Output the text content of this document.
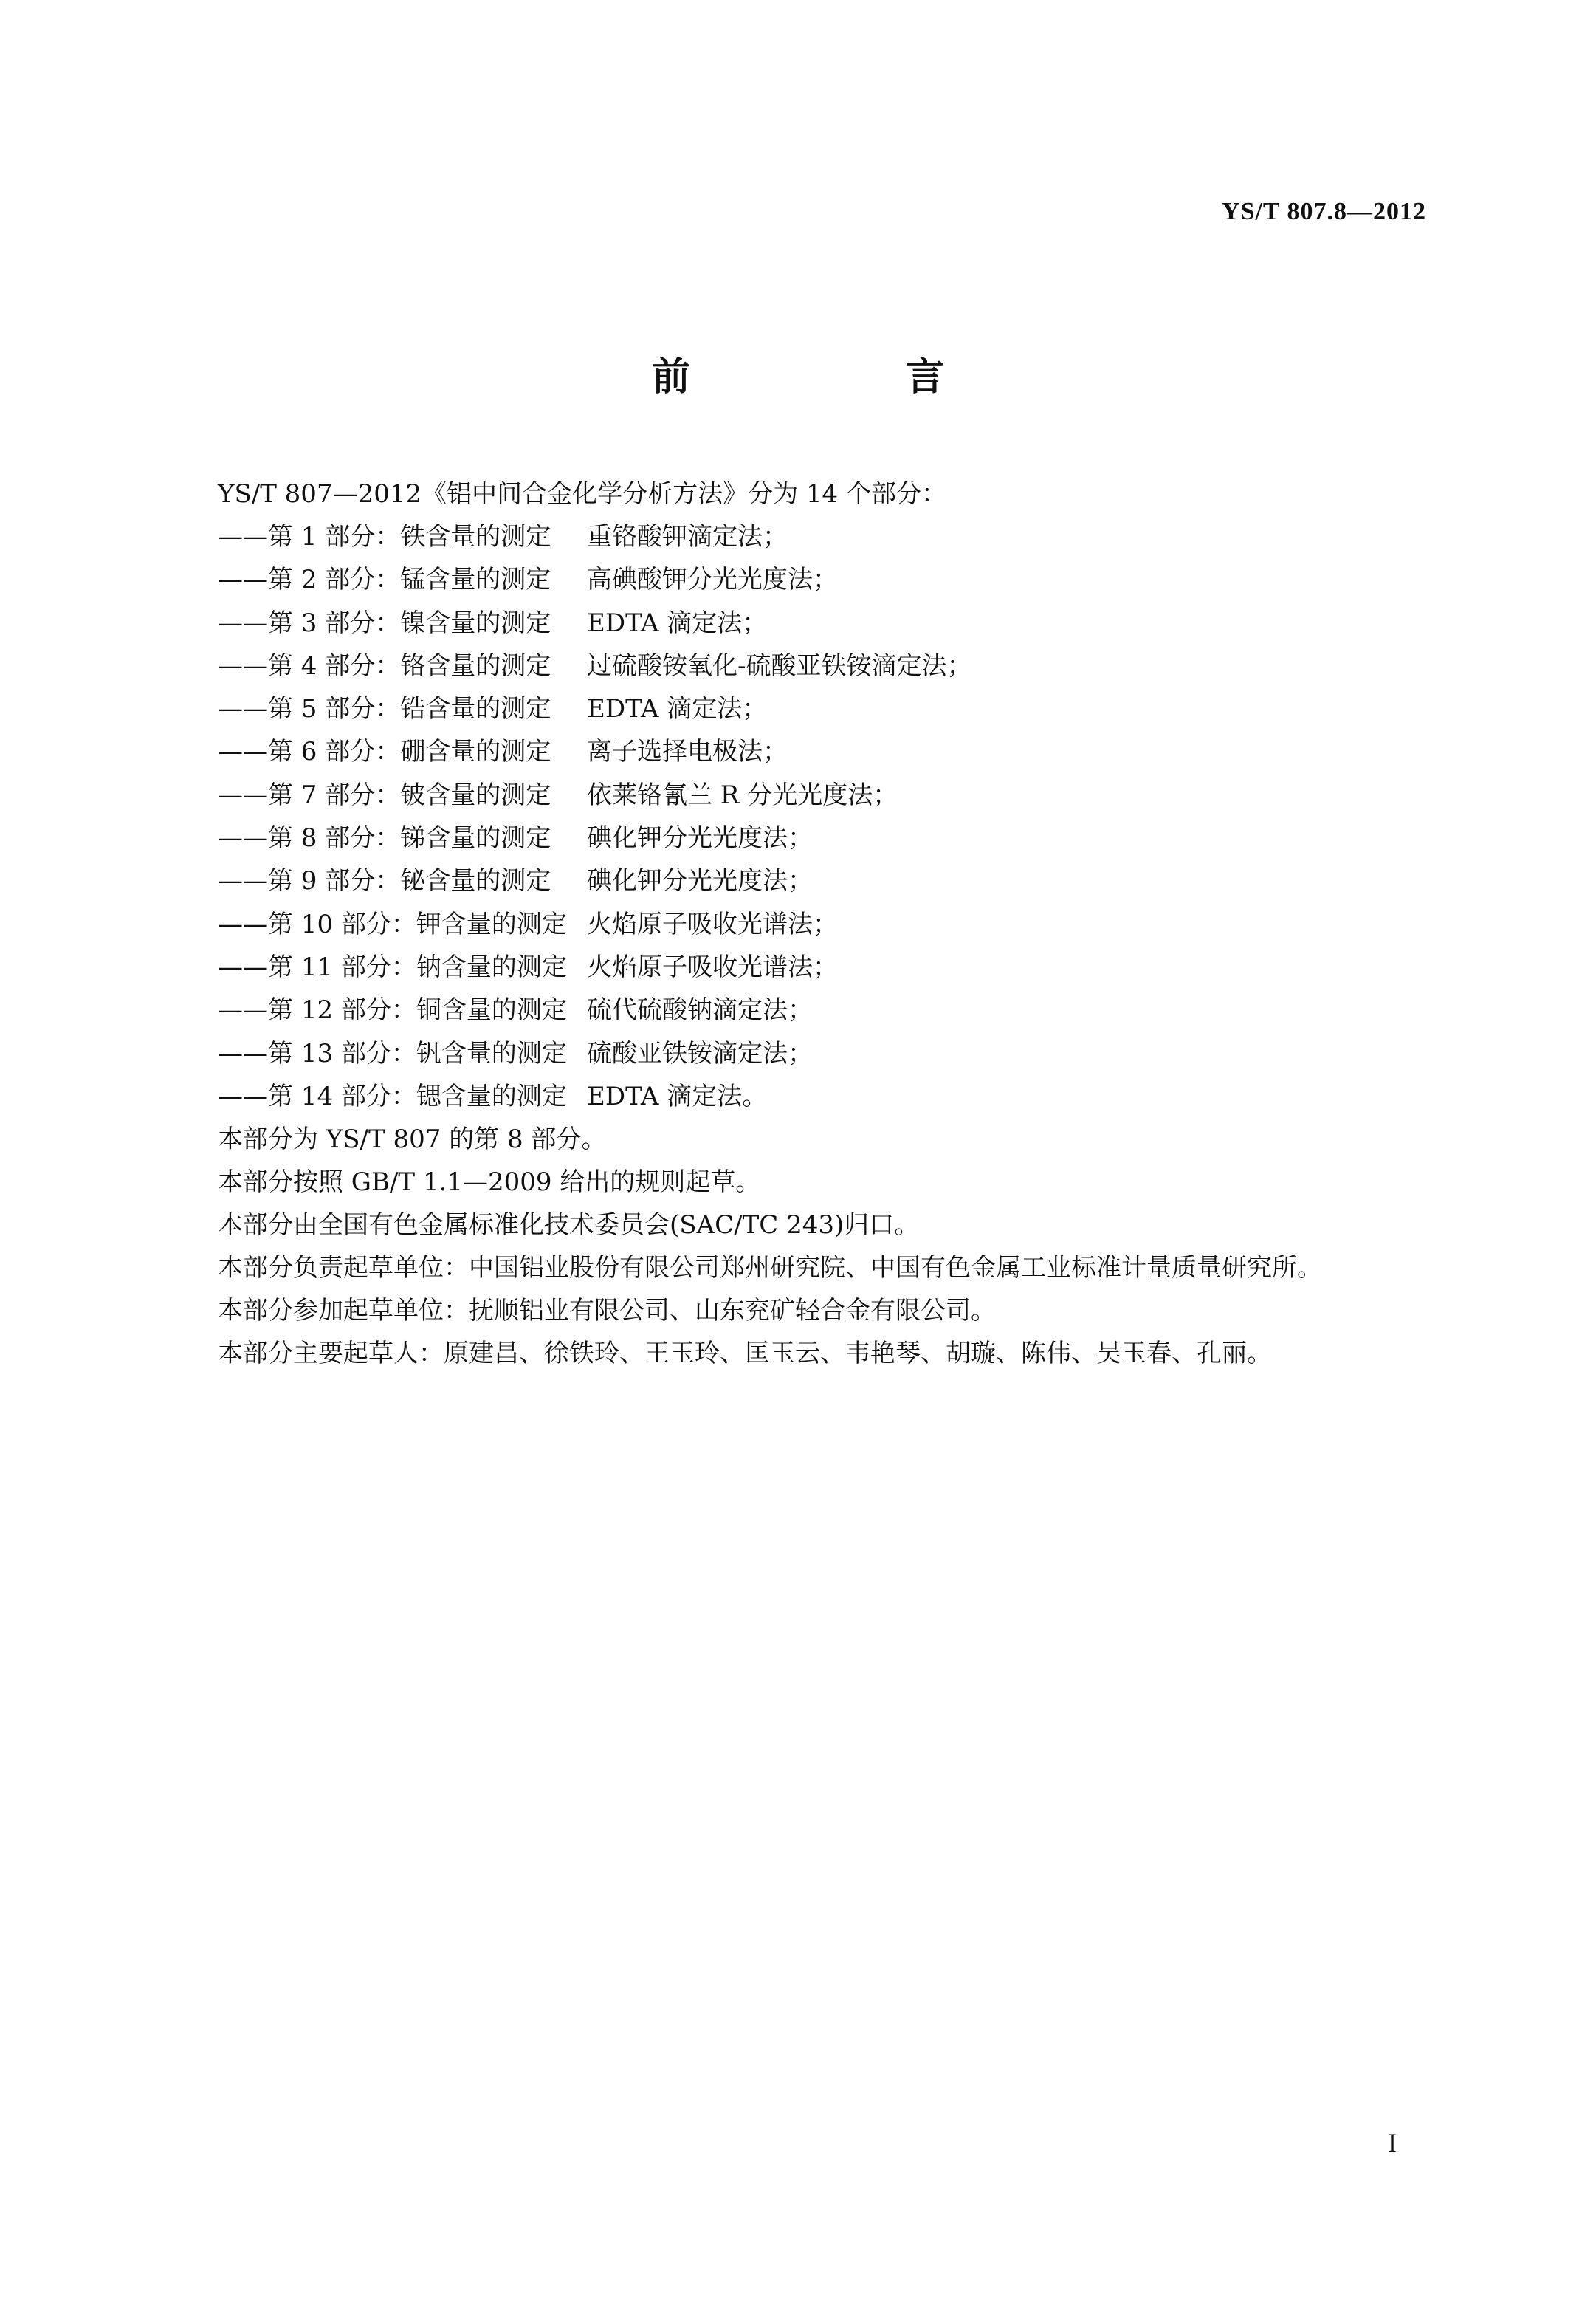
YS/T 807.8—2012
前　言

YS/T 807—2012《铝中间合金化学分析方法》分为 14 个部分：

——第 1 部分：铁含量的测定 重铬酸钾滴定法；

——第 2 部分：锰含量的测定 高碘酸钾分光光度法；

——第 3 部分：镍含量的测定 EDTA 滴定法；

——第 4 部分：铬含量的测定 过硫酸铵氧化-硫酸亚铁铵滴定法；

——第 5 部分：锆含量的测定 EDTA 滴定法；

——第 6 部分：硼含量的测定 离子选择电极法；

——第 7 部分：铍含量的测定 依莱铬氰兰 R 分光光度法；

——第 8 部分：锑含量的测定 碘化钾分光光度法；

——第 9 部分：铋含量的测定 碘化钾分光光度法；

——第 10 部分：钾含量的测定 火焰原子吸收光谱法；

——第 11 部分：钠含量的测定 火焰原子吸收光谱法；

——第 12 部分：铜含量的测定 硫代硫酸钠滴定法；

——第 13 部分：钒含量的测定 硫酸亚铁铵滴定法；

——第 14 部分：锶含量的测定 EDTA 滴定法。

本部分为 YS/T 807 的第 8 部分。

本部分按照 GB/T 1.1—2009 给出的规则起草。

本部分由全国有色金属标准化技术委员会(SAC/TC 243)归口。

本部分负责起草单位：中国铝业股份有限公司郑州研究院、中国有色金属工业标准计量质量研究所。

本部分参加起草单位：抚顺铝业有限公司、山东兖矿轻合金有限公司。

本部分主要起草人：原建昌、徐铁玲、王玉玲、匡玉云、韦艳琴、胡璇、陈伟、吴玉春、孔丽。

I
